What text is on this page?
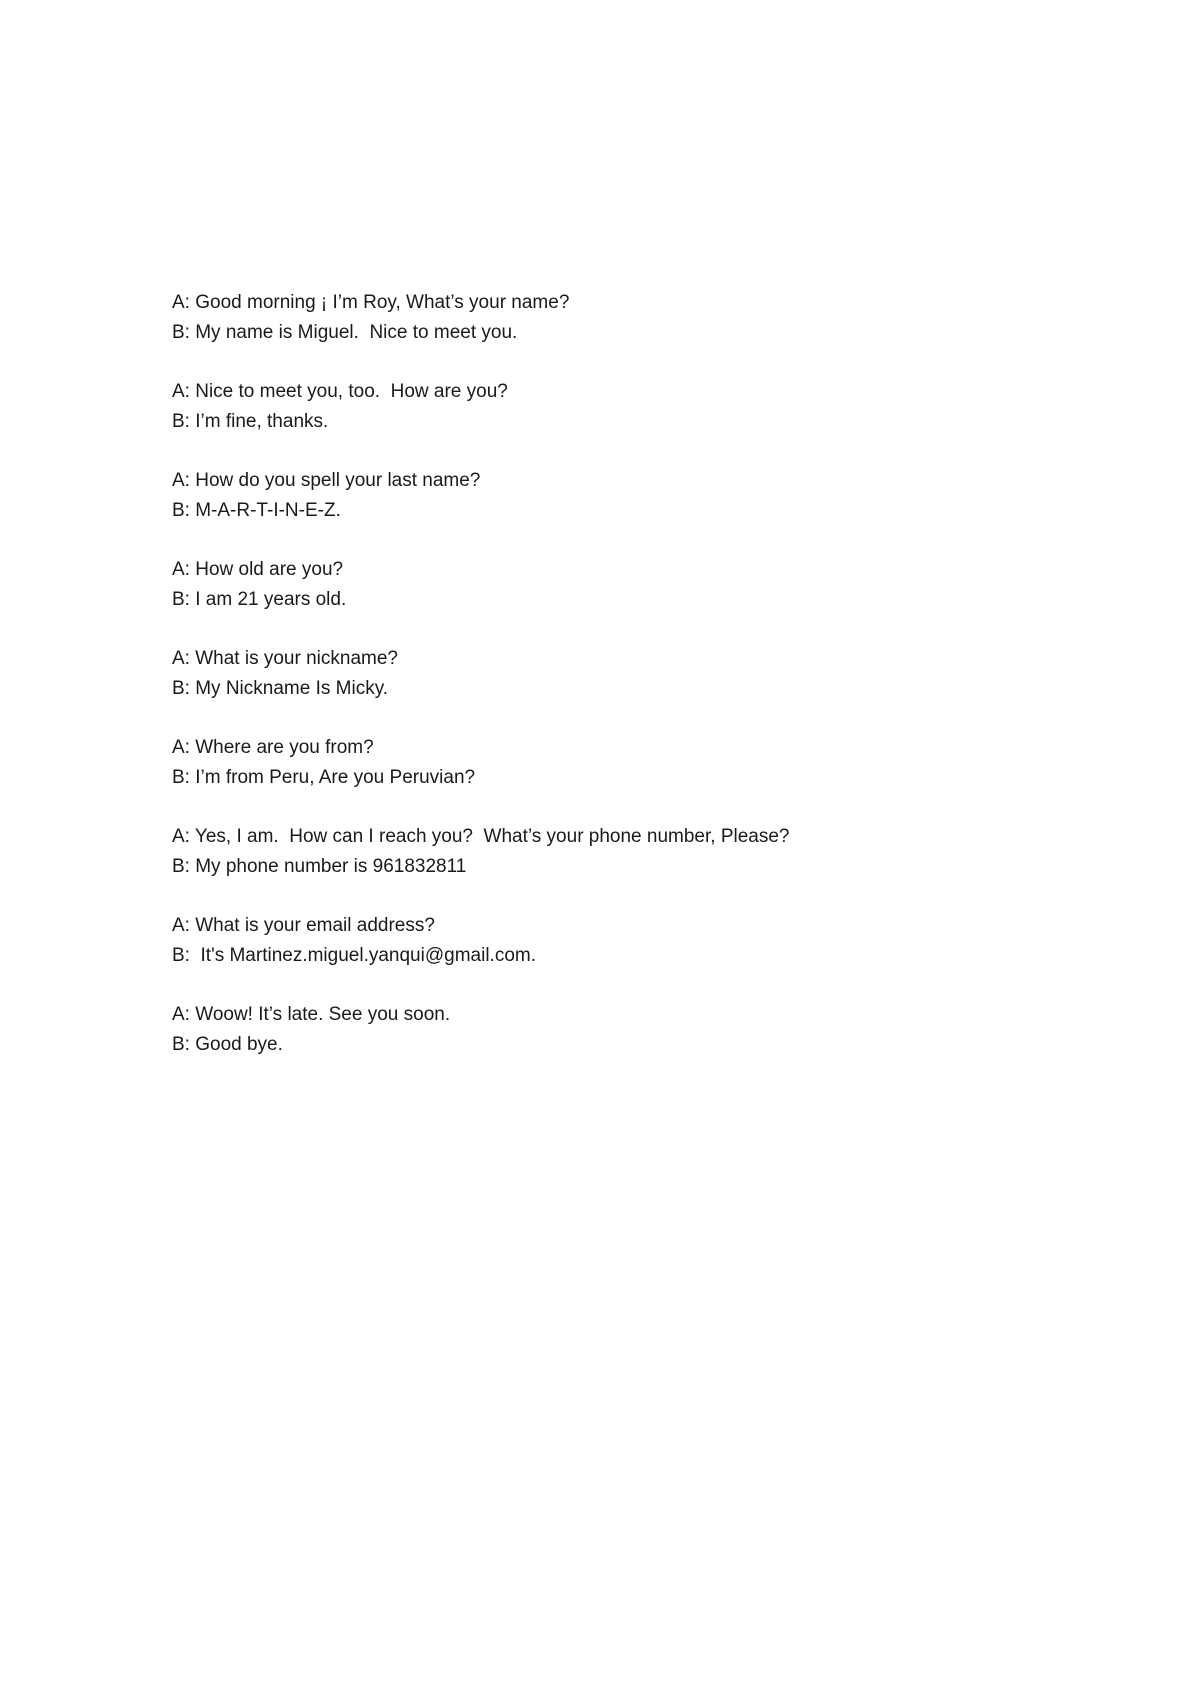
A: Good morning ¡ I’m Roy, What’s your name?

B: My name is Miguel.  Nice to meet you.

A: Nice to meet you, too.  How are you?

B: I’m fine, thanks.

A: How do you spell your last name?

B: M-A-R-T-I-N-E-Z.

A: How old are you?

B: I am 21 years old.

A: What is your nickname?

B: My Nickname Is Micky.

A: Where are you from?

B: I’m from Peru, Are you Peruvian?

A: Yes, I am.  How can I reach you?  What’s your phone number, Please?

B: My phone number is 961832811

A: What is your email address?

B:  It's Martinez.miguel.yanqui@gmail.com.

A: Woow! It’s late. See you soon.

B: Good bye.
